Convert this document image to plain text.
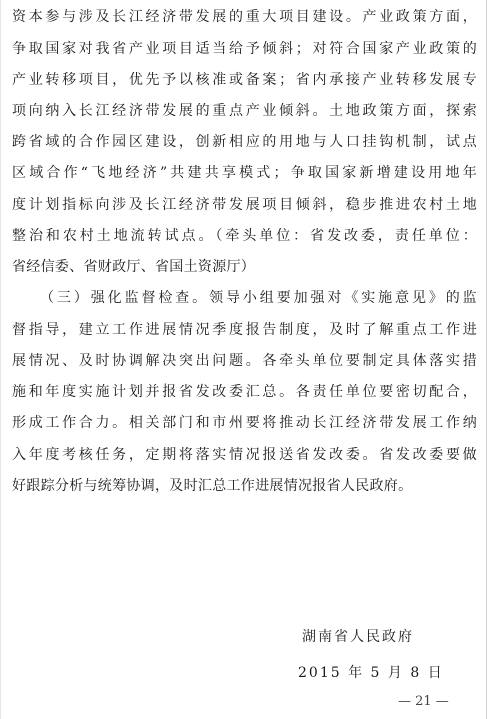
资本参与涉及长江经济带发展的重大项目建设。产业政策方面，
争取国家对我省产业项目适当给予倾斜；对符合国家产业政策的
产业转移项目，优先予以核准或备案；省内承接产业转移发展专
项向纳入长江经济带发展的重点产业倾斜。土地政策方面，探索
跨省域的合作园区建设，创新相应的用地与人口挂钩机制，试点
区域合作“飞地经济”共建共享模式；争取国家新增建设用地年
度计划指标向涉及长江经济带发展项目倾斜，稳步推进农村土地
整治和农村土地流转试点。（牵头单位：省发改委，责任单位：
省经信委、省财政厅、省国土资源厅）
（三）强化监督检查。领导小组要加强对《实施意见》的监
督指导，建立工作进展情况季度报告制度，及时了解重点工作进
展情况、及时协调解决突出问题。各牵头单位要制定具体落实措
施和年度实施计划并报省发改委汇总。各责任单位要密切配合，
形成工作合力。相关部门和市州要将推动长江经济带发展工作纳
入年度考核任务，定期将落实情况报送省发改委。省发改委要做
好跟踪分析与统筹协调，及时汇总工作进展情况报省人民政府。
湖南省人民政府
2015 年 5 月 8 日
— 21 —
